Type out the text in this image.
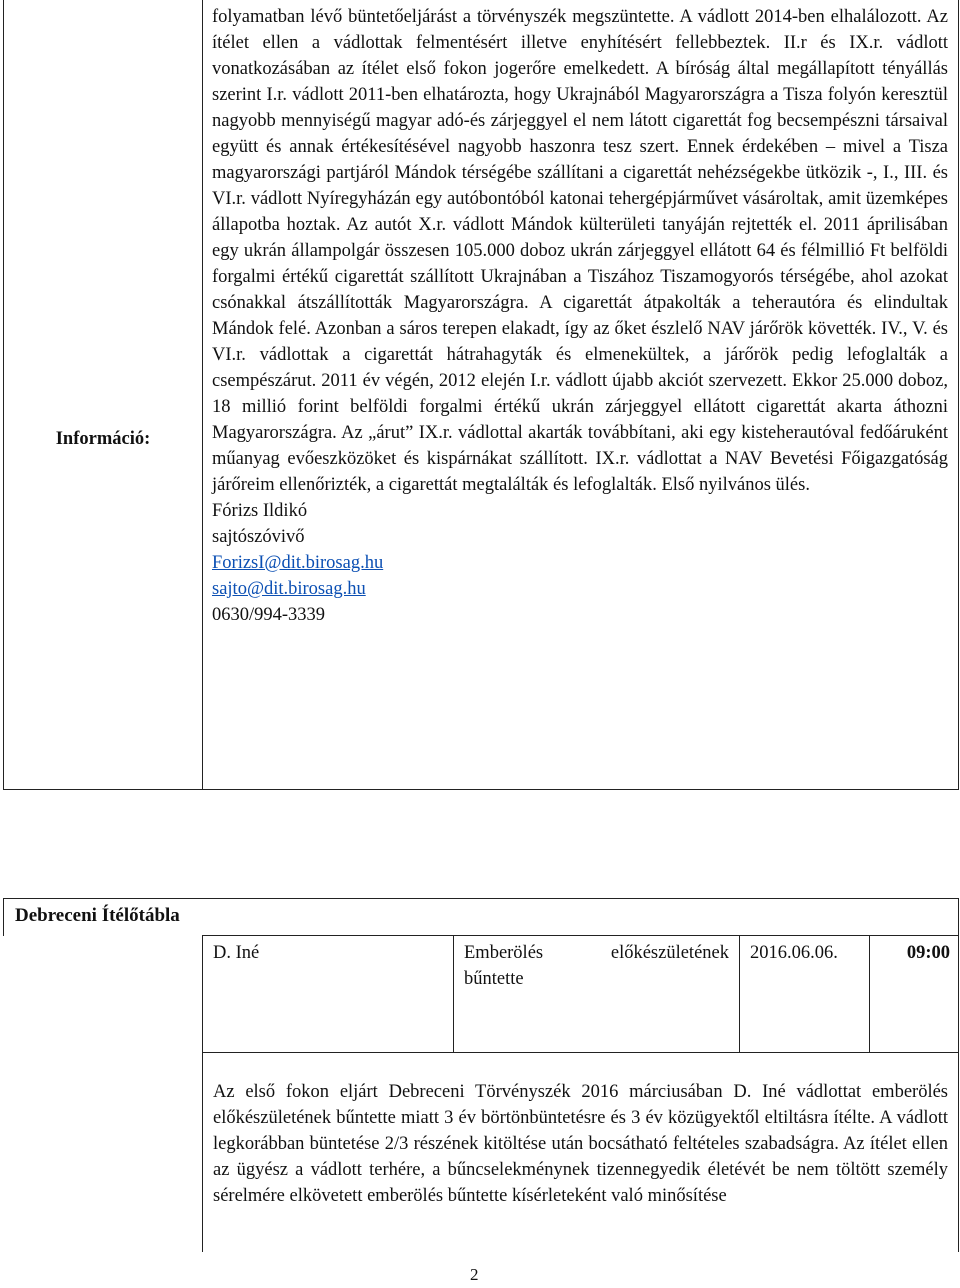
Információ:
folyamatban lévő büntetőeljárást a törvényszék megszüntette. A vádlott 2014-ben elhalálozott. Az ítélet ellen a vádlottak felmentésért illetve enyhítésért fellebbeztek. II.r és IX.r. vádlott vonatkozásában az ítélet első fokon jogerőre emelkedett. A bíróság által megállapított tényállás szerint I.r. vádlott 2011-ben elhatározta, hogy Ukrajnából Magyarországra a Tisza folyón keresztül nagyobb mennyiségű magyar adó-és zárjeggyel el nem látott cigarettát fog becsempészni társaival együtt és annak értékesítésével nagyobb haszonra tesz szert. Ennek érdekében – mivel a Tisza magyarországi partjáról Mándok térségébe szállítani a cigarettát nehézségekbe ütközik -, I., III. és VI.r. vádlott Nyíregyházán egy autóbontóból katonai tehergépjárművet vásároltak, amit üzemképes állapotba hoztak. Az autót X.r. vádlott Mándok külterületi tanyáján rejtették el. 2011 áprilisában egy ukrán állampolgár összesen 105.000 doboz ukrán zárjeggyel ellátott 64 és félmillió Ft belföldi forgalmi értékű cigarettát szállított Ukrajnában a Tiszához Tiszamogyorós térségébe, ahol azokat csónakkal átszállították Magyarországra. A cigarettát átpakolták a teherautóra és elindultak Mándok felé. Azonban a sáros terepen elakadt, így az őket észlelő NAV járőrök követték. IV., V. és VI.r. vádlottak a cigarettát hátrahagyták és elmenekültek, a járőrök pedig lefoglalták a csempészárut. 2011 év végén, 2012 elején I.r. vádlott újabb akciót szervezett. Ekkor 25.000 doboz, 18 millió forint belföldi forgalmi értékű ukrán zárjeggyel ellátott cigarettát akarta áthozni Magyarországra. Az „árut” IX.r. vádlottal akarták továbbítani, aki egy kisteherautóval fedőáruként műanyag evőeszközöket és kispárnákat szállított. IX.r. vádlottat a NAV Bevetési Főigazgatóság járőreim ellenőrizték, a cigarettát megtalálták és lefoglalták. Első nyilvános ülés.
Fórizs Ildikó
sajtószóvivő
ForizsI@dit.birosag.hu
sajto@dit.birosag.hu
0630/994-3339
Debreceni Ítélőtábla
D. Iné	Emberölés előkészületének bűntette
2016.06.06.	09:00
Az első fokon eljárt Debreceni Törvényszék 2016 márciusában D. Iné vádlottat emberölés előkészületének bűntette miatt 3 év börtönbüntetésre és 3 év közügyektől eltiltásra ítélte. A vádlott legkorábban büntetése 2/3 részének kitöltése után bocsátható feltételes szabadságra. Az ítélet ellen az ügyész a vádlott terhére, a bűncselekménynek tizennegyedik életévét be nem töltött személy sérelmére elkövetett emberölés bűntette kísérleteként való minősítése
2
